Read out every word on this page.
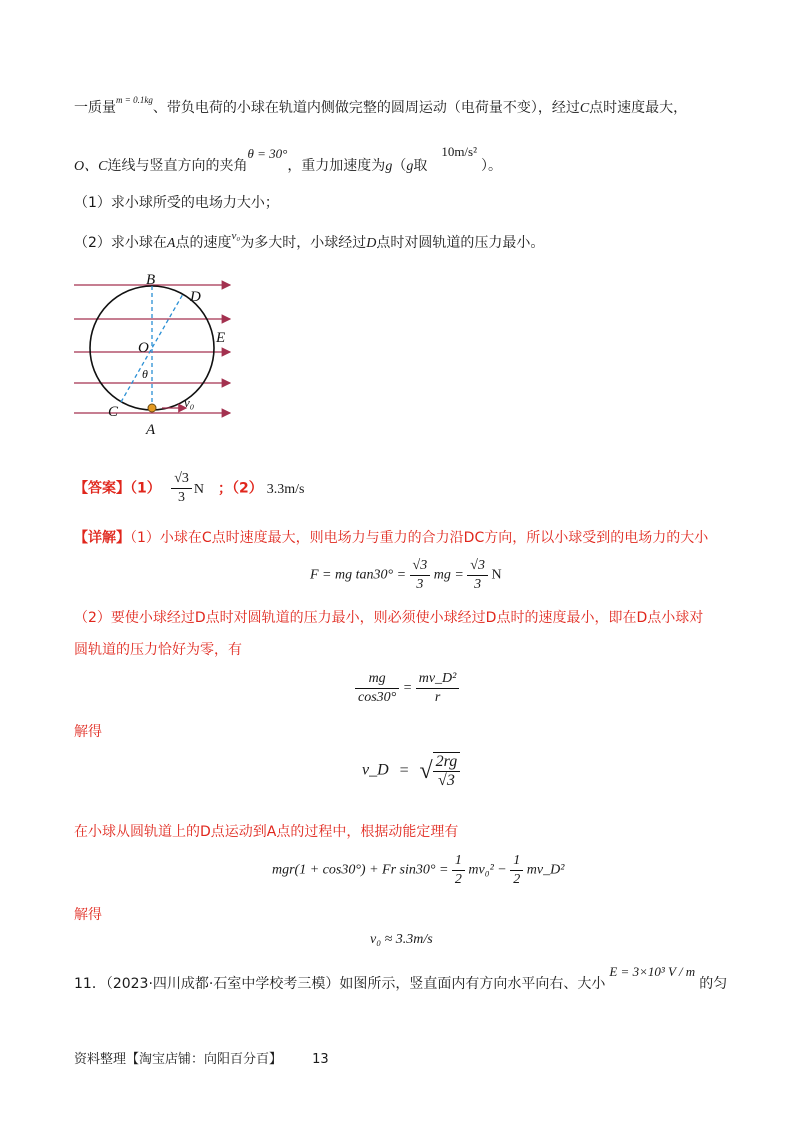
一质量$^{m = 0.1kg}$、带负电荷的小球在轨道内侧做完整的圆周运动（电荷量不变），经过C点时速度最大，
O、C连线与竖直方向的夹角θ = 30°，重力加速度为g（g取10m/s²）。
（1）求小球所受的电场力大小；
（2）求小球在A点的速度$^{v_0}$为多大时，小球经过D点时对圆轨道的压力最小。
B
D
E
O
θ
C
A
v₀
【答案】$(1) \frac{√3}{3}$ N ；（2） 3.3m/s
【详解】（1）小球在C点时速度最大，则电场力与重力的合力沿DC方向，所以小球受到的电场力的大小
F = mg $\tan 30^\circ = \frac{√3}{3}$ mg = $\frac{√3}{3}$ N
（2）要使小球经过D点时对圆轨道的压力最小，则必须使小球经过D点时的速度最小，即在D点小球对
圆轨道的压力恰好为零，有
$\frac{mg}{\cos 30^\circ} = \frac{\text{mv\_D²}}{r}$
解得
v_D = √ $\frac{2rg}{√3}$
在小球从圆轨道上的D点运动到A点的过程中，根据动能定理有
mgr(1 + cos30°) + Fr $\sin 30^\circ = \frac{1}{2} mv_0^2 - \frac{1}{2}$ mv_D²
解得
v₀ ≈ 3.3m/s
11．（2023·四川成都·石室中学校考三模）如图所示，竖直面内有方向水平向右、大小E = 3×10³ V / m的匀
资料整理【淘宝店铺：向阳百分百】 13
